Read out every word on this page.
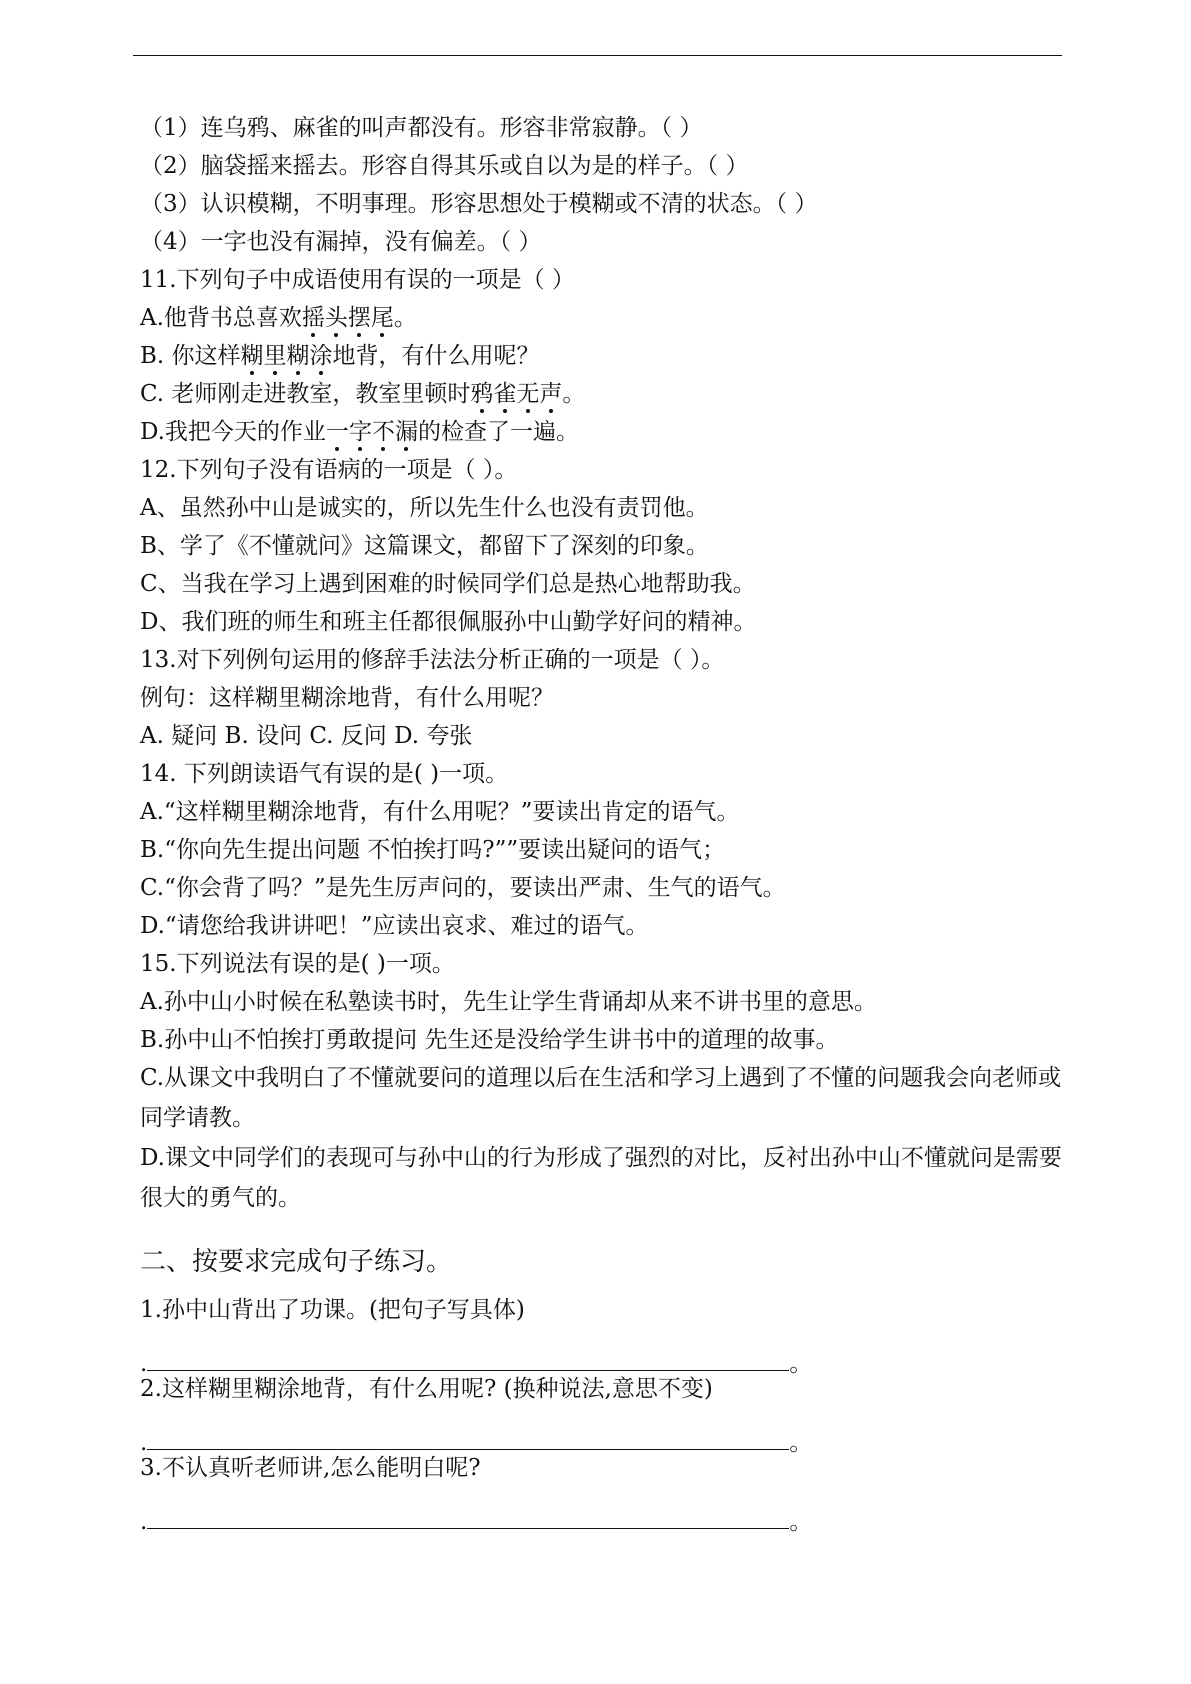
（1）连乌鸦、麻雀的叫声都没有。形容非常寂静。（ ）
（2）脑袋摇来摇去。形容自得其乐或自以为是的样子。（ ）
（3）认识模糊，不明事理。形容思想处于模糊或不清的状态。（ ）
（4）一字也没有漏掉，没有偏差。（ ）
11.下列句子中成语使用有误的一项是（ ）
A.他背书总喜欢摇头摆尾。
B. 你这样糊里糊涂地背，有什么用呢？
C. 老师刚走进教室，教室里顿时鸦雀无声。
D.我把今天的作业一字不漏的检查了一遍。
12.下列句子没有语病的一项是（ ）。
A、虽然孙中山是诚实的，所以先生什么也没有责罚他。
B、学了《不懂就问》这篇课文，都留下了深刻的印象。
C、当我在学习上遇到困难的时候同学们总是热心地帮助我。
D、我们班的师生和班主任都很佩服孙中山勤学好问的精神。
13.对下列例句运用的修辞手法法分析正确的一项是（ ）。
例句：这样糊里糊涂地背，有什么用呢？
A. 疑问 B. 设问 C. 反问 D. 夸张
14. 下列朗读语气有误的是( )一项。
A.“这样糊里糊涂地背，有什么用呢？”要读出肯定的语气。
B.“你向先生提出问题 不怕挨打吗?””要读出疑问的语气；
C.“你会背了吗？”是先生厉声问的，要读出严肃、生气的语气。
D.“请您给我讲讲吧！”应读出哀求、难过的语气。
15.下列说法有误的是( )一项。
A.孙中山小时候在私塾读书时，先生让学生背诵却从来不讲书里的意思。
B.孙中山不怕挨打勇敢提问 先生还是没给学生讲书中的道理的故事。
C.从课文中我明白了不懂就要问的道理以后在生活和学习上遇到了不懂的问题我会向老师或同学请教。
D.课文中同学们的表现可与孙中山的行为形成了强烈的对比，反衬出孙中山不懂就问是需要很大的勇气的。
二、按要求完成句子练习。
1.孙中山背出了功课。(把句子写具体)
.	。
2.这样糊里糊涂地背，有什么用呢? (换种说法,意思不变)
.	。
3.不认真听老师讲,怎么能明白呢?
.	。
